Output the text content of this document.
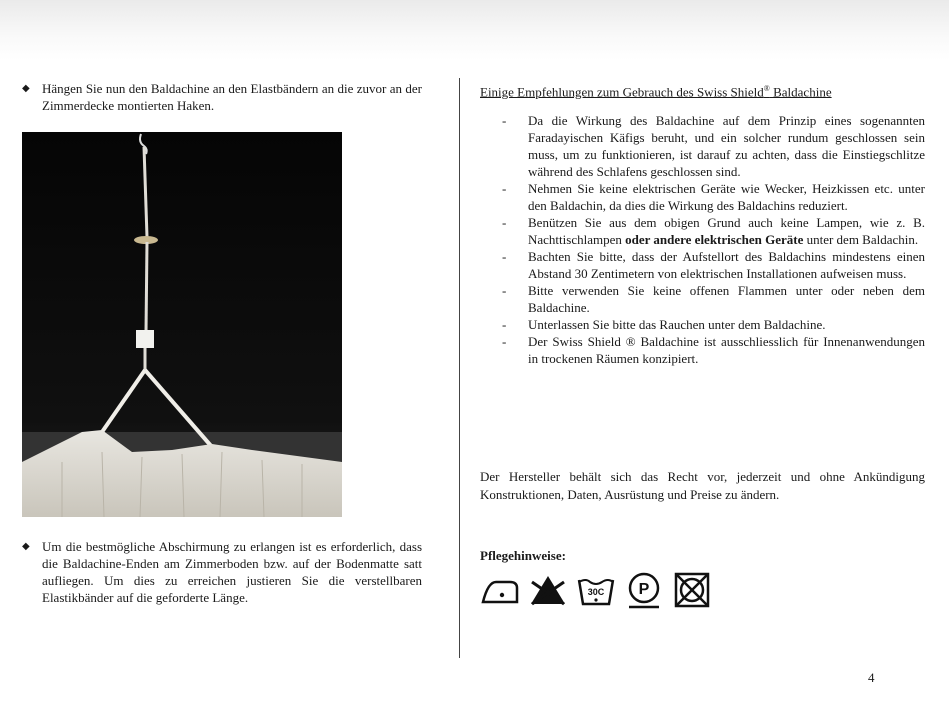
◆ Hängen Sie nun den Baldachine an den Elastbändern an die zuvor an der Zimmerdecke montierten Haken.
◆ Um die bestmögliche Abschirmung zu erlangen ist es erforderlich, dass die Baldachine-Enden am Zimmerboden bzw. auf der Bodenmatte satt aufliegen. Um dies zu erreichen justieren Sie die verstellbaren Elastikbänder auf die geforderte Länge.
Einige Empfehlungen zum Gebrauch des Swiss Shield® Baldachine
-	Da die Wirkung des Baldachine auf dem Prinzip eines sogenannten Faradayischen Käfigs beruht, und ein solcher rundum geschlossen sein muss, um zu funktionieren, ist darauf zu achten, dass die Einstiegschlitze während des Schlafens geschlossen sind.
-	Nehmen Sie keine elektrischen Geräte wie Wecker, Heizkissen etc. unter den Baldachin, da dies die Wirkung des Baldachins reduziert.
-	Benützen Sie aus dem obigen Grund auch keine Lampen, wie z. B. Nachttischlampen oder andere elektrischen Geräte unter dem Baldachin.
-	Bachten Sie bitte, dass der Aufstellort des Baldachins mindestens einen Abstand 30 Zentimetern von elektrischen Installationen aufweisen muss.
-	Bitte verwenden Sie keine offenen Flammen unter oder neben dem Baldachine.
-	Unterlassen Sie bitte das Rauchen unter dem Baldachine.
-	Der Swiss Shield ® Baldachine ist ausschliesslich für Innenanwendungen in trockenen Räumen konzipiert.
Der Hersteller behält sich das Recht vor, jederzeit und ohne Ankündigung Konstruktionen, Daten, Ausrüstung und Preise zu ändern.
Pflegehinweise:
30C P
4
